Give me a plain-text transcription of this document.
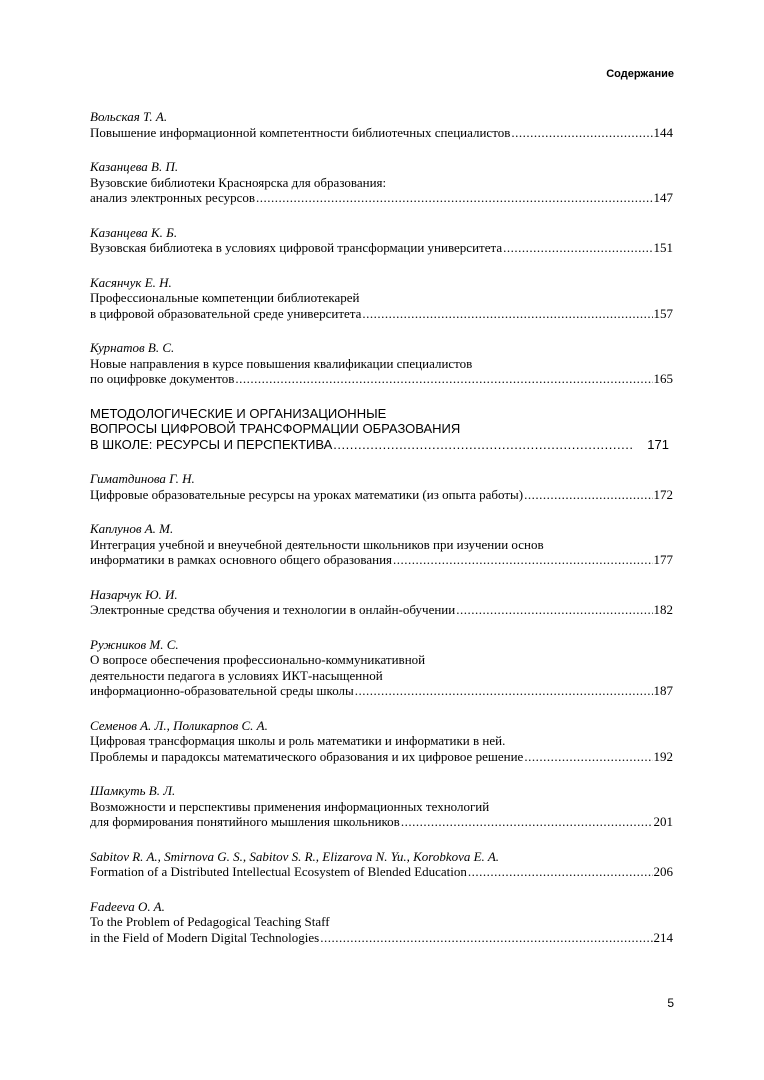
Содержание
Вольская Т. А.
Повышение информационной компетентности библиотечных специалистов .....	144
Казанцева В. П.
Вузовские библиотеки Красноярска для образования:
анализ электронных ресурсов .....	147
Казанцева К. Б.
Вузовская библиотека в условиях цифровой трансформации университета .....	151
Касянчук Е. Н.
Профессиональные компетенции библиотекарей
в цифровой образовательной среде университета .....	157
Курнатов В. С.
Новые направления в курсе повышения квалификации специалистов
по оцифровке документов .....	165
МЕТОДОЛОГИЧЕСКИЕ И ОРГАНИЗАЦИОННЫЕ
ВОПРОСЫ ЦИФРОВОЙ ТРАНСФОРМАЦИИ ОБРАЗОВАНИЯ
В ШКОЛЕ: РЕСУРСЫ И ПЕРСПЕКТИВА .....	171
Гиматдинова Г. Н.
Цифровые образовательные ресурсы на уроках математики (из опыта работы) .....	172
Каплунов А. М.
Интеграция учебной и внеучебной деятельности школьников при изучении основ
информатики в рамках основного общего образования .....	177
Назарчук Ю. И.
Электронные средства обучения и технологии в онлайн-обучении .....	182
Ружников М. С.
О вопросе обеспечения профессионально-коммуникативной
деятельности педагога в условиях ИКТ-насыщенной
информационно-образовательной среды школы .....	187
Семенов А. Л., Поликарпов С. А.
Цифровая трансформация школы и роль математики и информатики в ней.
Проблемы и парадоксы математического образования и их цифровое решение .....	192
Шамкуть В. Л.
Возможности и перспективы применения информационных технологий
для формирования понятийного мышления школьников .....	201
Sabitov R. A., Smirnova G. S., Sabitov S. R., Elizarova N. Yu., Korobkova E. A.
Formation of a Distributed Intellectual Ecosystem of Blended Education .....	206
Fadeeva O. A.
To the Problem of Pedagogical Teaching Staff
in the Field of Modern Digital Technologies .....	214
5
